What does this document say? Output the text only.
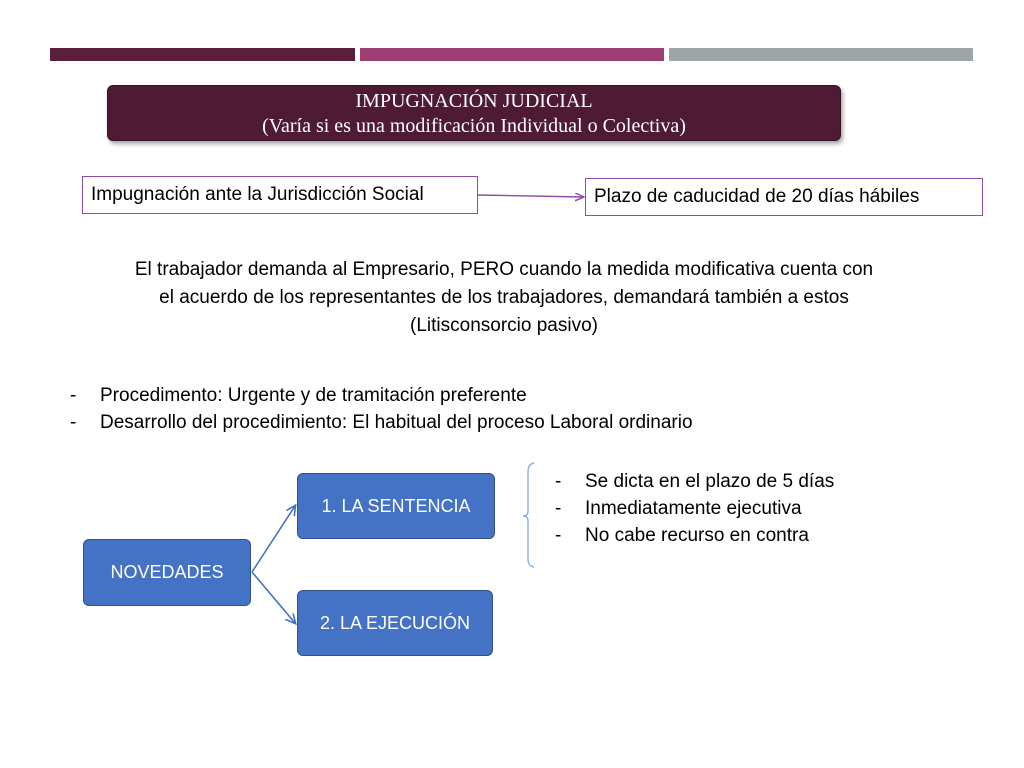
IMPUGNACIÓN JUDICIAL
(Varía si es una modificación Individual o Colectiva)
Impugnación ante la Jurisdicción Social	Plazo de caducidad de 20 días hábiles
El trabajador demanda al Empresario, PERO cuando la medida modificativa cuenta con
el acuerdo de los representantes de los trabajadores, demandará también a estos
(Litisconsorcio pasivo)
- Procedimento: Urgente y de tramitación preferente
- Desarrollo del procedimiento: El habitual del proceso Laboral ordinario
NOVEDADES
1. LA SENTENCIA
2. LA EJECUCIÓN
- Se dicta en el plazo de 5 días
- Inmediatamente ejecutiva
- No cabe recurso en contra
